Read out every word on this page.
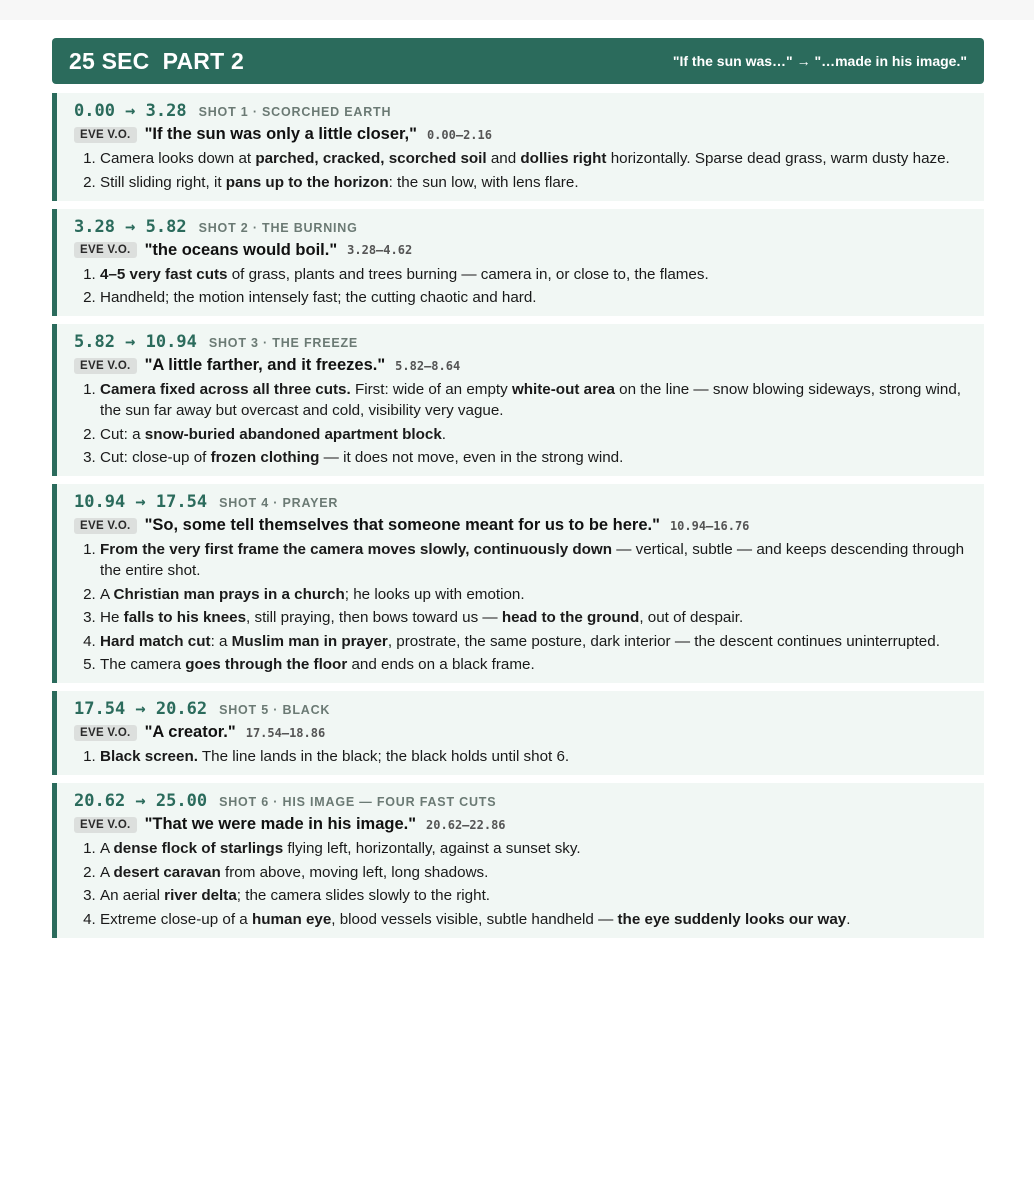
25 SEC  PART 2	"If the sun was…" → "…made in his image."
0.00 → 3.28 SHOT 1 · SCORCHED EARTH
EVE V.O. "If the sun was only a little closer," 0.00–2.16
1. Camera looks down at parched, cracked, scorched soil and dollies right horizontally. Sparse dead grass, warm dusty haze.
2. Still sliding right, it pans up to the horizon: the sun low, with lens flare.
3.28 → 5.82 SHOT 2 · THE BURNING
EVE V.O. "the oceans would boil." 3.28–4.62
1. 4–5 very fast cuts of grass, plants and trees burning — camera in, or close to, the flames.
2. Handheld; the motion intensely fast; the cutting chaotic and hard.
5.82 → 10.94 SHOT 3 · THE FREEZE
EVE V.O. "A little farther, and it freezes." 5.82–8.64
1. Camera fixed across all three cuts. First: wide of an empty white-out area on the line — snow blowing sideways, strong wind, the sun far away but overcast and cold, visibility very vague.
2. Cut: a snow-buried abandoned apartment block.
3. Cut: close-up of frozen clothing — it does not move, even in the strong wind.
10.94 → 17.54 SHOT 4 · PRAYER
EVE V.O. "So, some tell themselves that someone meant for us to be here." 10.94–16.76
1. From the very first frame the camera moves slowly, continuously down — vertical, subtle — and keeps descending through the entire shot.
2. A Christian man prays in a church; he looks up with emotion.
3. He falls to his knees, still praying, then bows toward us — head to the ground, out of despair.
4. Hard match cut: a Muslim man in prayer, prostrate, the same posture, dark interior — the descent continues uninterrupted.
5. The camera goes through the floor and ends on a black frame.
17.54 → 20.62 SHOT 5 · BLACK
EVE V.O. "A creator." 17.54–18.86
1. Black screen. The line lands in the black; the black holds until shot 6.
20.62 → 25.00 SHOT 6 · HIS IMAGE — FOUR FAST CUTS
EVE V.O. "That we were made in his image." 20.62–22.86
1. A dense flock of starlings flying left, horizontally, against a sunset sky.
2. A desert caravan from above, moving left, long shadows.
3. An aerial river delta; the camera slides slowly to the right.
4. Extreme close-up of a human eye, blood vessels visible, subtle handheld — the eye suddenly looks our way.
